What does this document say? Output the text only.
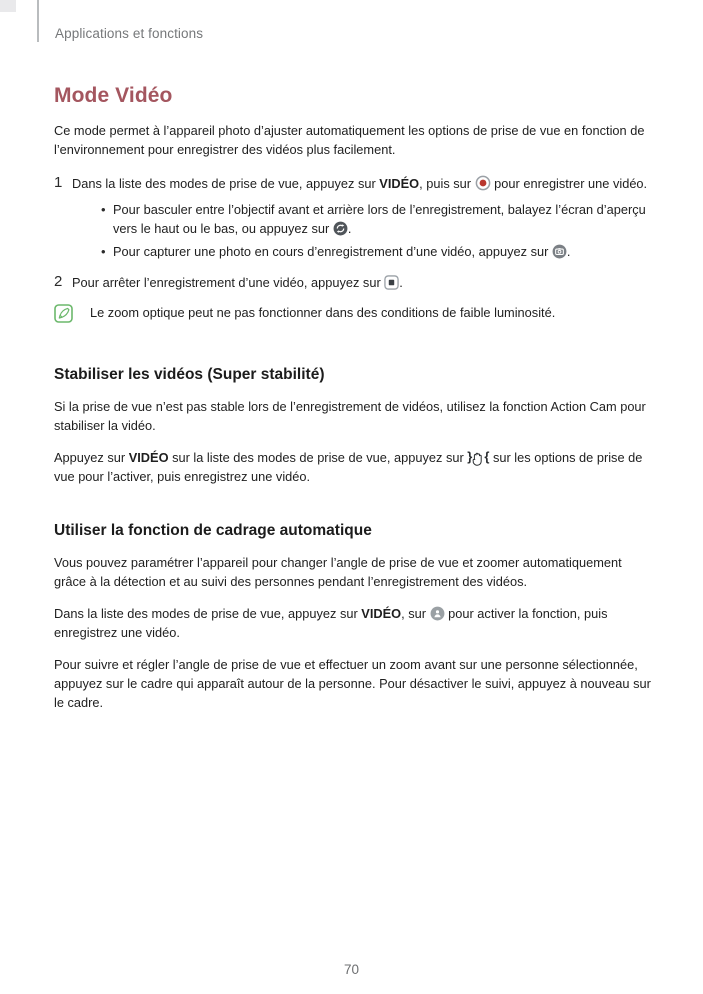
Applications et fonctions
Mode Vidéo

Ce mode permet à l’appareil photo d’ajuster automatiquement les options de prise de vue en fonction de l’environnement pour enregistrer des vidéos plus facilement.

1 Dans la liste des modes de prise de vue, appuyez sur VIDÉO, puis sur  pour enregistrer une vidéo.
• Pour basculer entre l’objectif avant et arrière lors de l’enregistrement, balayez l’écran d’aperçu vers le haut ou le bas, ou appuyez sur .
• Pour capturer une photo en cours d’enregistrement d’une vidéo, appuyez sur .
2 Pour arrêter l’enregistrement d’une vidéo, appuyez sur .
Le zoom optique peut ne pas fonctionner dans des conditions de faible luminosité.
Stabiliser les vidéos (Super stabilité)

Si la prise de vue n’est pas stable lors de l’enregistrement de vidéos, utilisez la fonction Action Cam pour stabiliser la vidéo.

Appuyez sur VIDÉO sur la liste des modes de prise de vue, appuyez sur } { sur les options de prise de vue pour l’activer, puis enregistrez une vidéo.

Utiliser la fonction de cadrage automatique

Vous pouvez paramétrer l’appareil pour changer l’angle de prise de vue et zoomer automatiquement grâce à la détection et au suivi des personnes pendant l’enregistrement des vidéos.

Dans la liste des modes de prise de vue, appuyez sur VIDÉO, sur  pour activer la fonction, puis enregistrez une vidéo.

Pour suivre et régler l’angle de prise de vue et effectuer un zoom avant sur une personne sélectionnée, appuyez sur le cadre qui apparaît autour de la personne. Pour désactiver le suivi, appuyez à nouveau sur le cadre.

70
